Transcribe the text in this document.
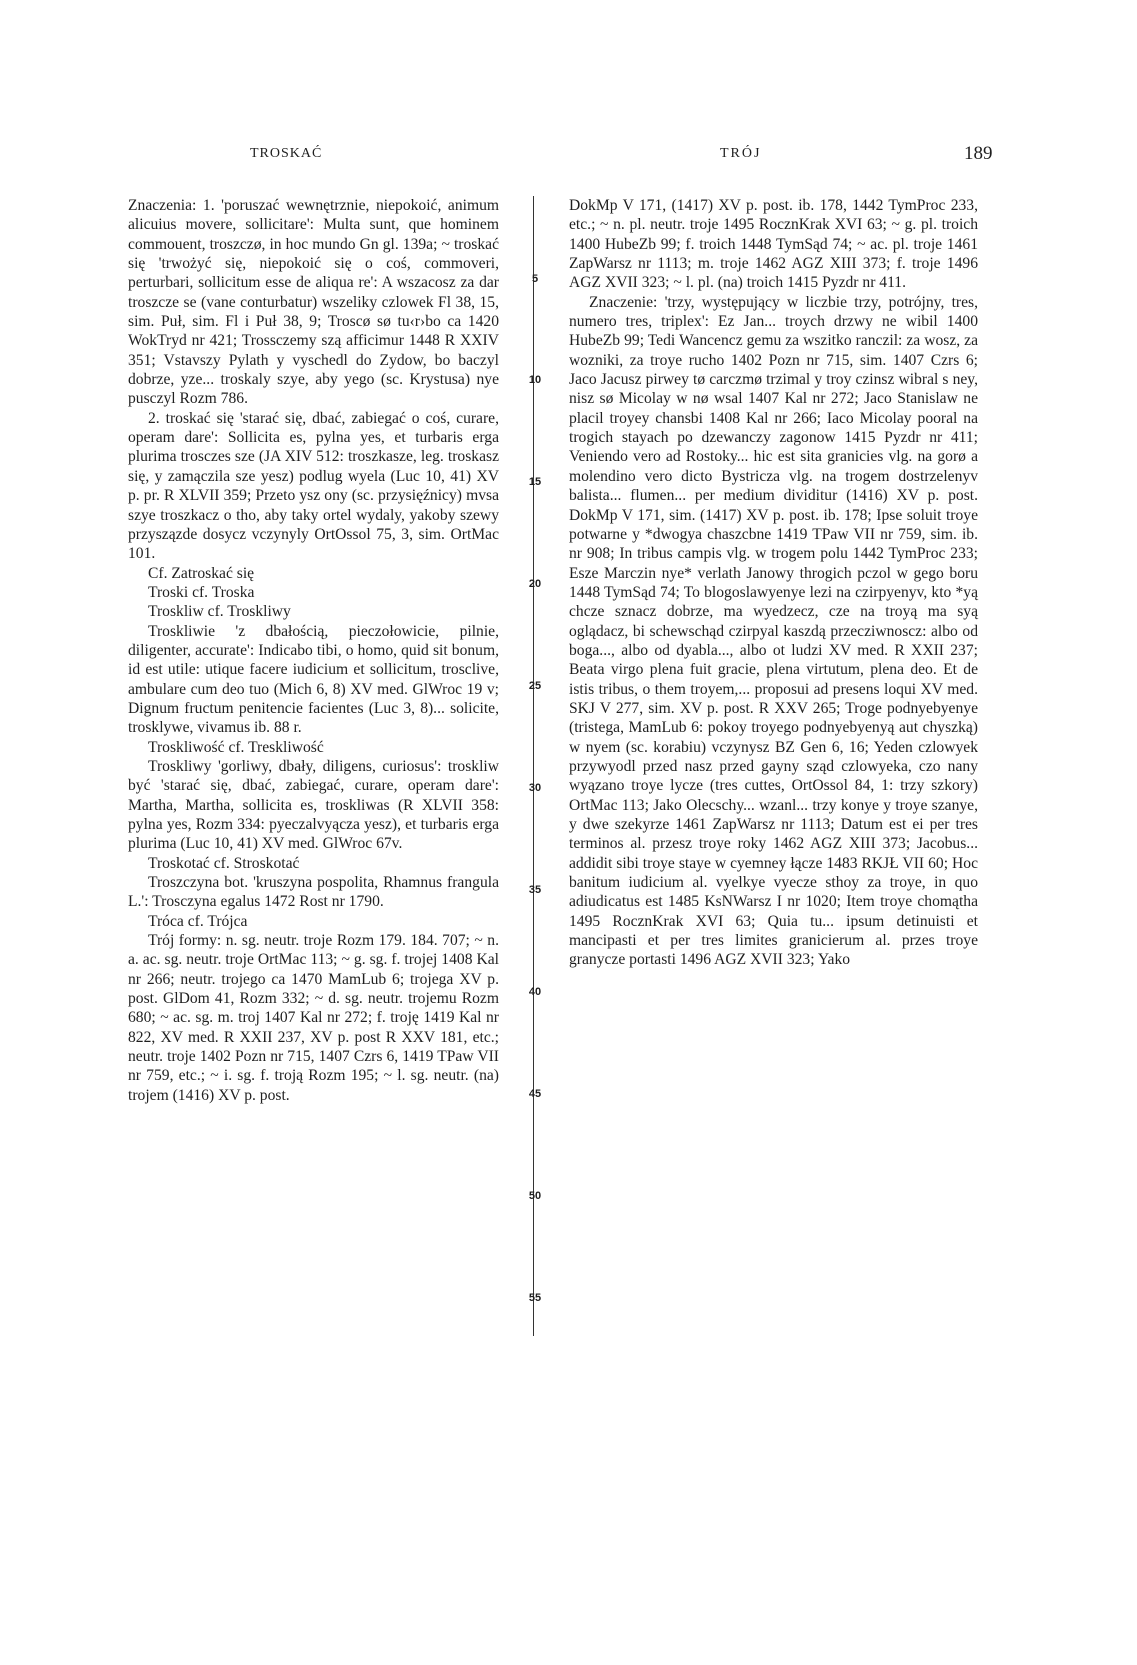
TROSKAĆ	TRÓJ	189

Znaczenia: 1. 'poruszać wewnętrznie, niepokoić, animum alicuius movere, sollicitare': Multa sunt, que hominem commouent, troszczø, in hoc mundo Gn gl. 139a; ~ troskać się 'trwożyć się, niepokoić się o coś, commoveri, perturbari, sollicitum esse de aliqua re': A wszacosz za dar troszcze se (vane conturbatur) wszeliky czlowek Fl 38, 15, sim. Puł, sim. Fl i Puł 38, 9; Troscø sø tu‹r›bo ca 1420 WokTryd nr 421; Trossczemy szą afficimur 1448 R XXIV 351; Vstavszy Pylath y vyschedl do Zydow, bo baczyl dobrze, yze... troskaly szye, aby yego (sc. Krystusa) nye pusczyl Rozm 786.

2. troskać się 'starać się, dbać, zabiegać o coś, curare, operam dare': Sollicita es, pylna yes, et turbaris erga plurima trosczes sze (JA XIV 512: troszkasze, leg. troskasz się, y zamączila sze yesz) podlug wyela (Luc 10, 41) XV p. pr. R XLVII 359; Przeto ysz ony (sc. przysięźnicy) mvsa szye troszkacz o tho, aby taky ortel wydaly, yakoby szewy przyszązde dosycz vczynyly OrtOssol 75, 3, sim. OrtMac 101.

Cf. Zatroskać się

Troski cf. Troska

Troskliw cf. Troskliwy

Troskliwie 'z dbałością, pieczołowicie, pilnie, diligenter, accurate': Indicabo tibi, o homo, quid sit bonum, id est utile: utique facere iudicium et sollicitum, trosclive, ambulare cum deo tuo (Mich 6, 8) XV med. GlWroc 19 v; Dignum fructum penitencie facientes (Luc 3, 8)... solicite, trosklywe, vivamus ib. 88 r.

Troskliwość cf. Treskliwość

Troskliwy 'gorliwy, dbały, diligens, curiosus': troskliw być 'starać się, dbać, zabiegać, curare, operam dare': Martha, Martha, sollicita es, troskliwas (R XLVII 358: pylna yes, Rozm 334: pyeczalvyącza yesz), et turbaris erga plurima (Luc 10, 41) XV med. GlWroc 67v.

Troskotać cf. Stroskotać

Troszczyna bot. 'kruszyna pospolita, Rhamnus frangula L.': Trosczyna egalus 1472 Rost nr 1790.

Tróca cf. Trójca

Trój formy: n. sg. neutr. troje Rozm 179. 184. 707; ~ n. a. ac. sg. neutr. troje OrtMac 113; ~ g. sg. f. trojej 1408 Kal nr 266; neutr. trojego ca 1470 MamLub 6; trojega XV p. post. GlDom 41, Rozm 332; ~ d. sg. neutr. trojemu Rozm 680; ~ ac. sg. m. troj 1407 Kal nr 272; f. troję 1419 Kal nr 822, XV med. R XXII 237, XV p. post R XXV 181, etc.; neutr. troje 1402 Pozn nr 715, 1407 Czrs 6, 1419 TPaw VII nr 759, etc.; ~ i. sg. f. troją Rozm 195; ~ l. sg. neutr. (na) trojem (1416) XV p. post.

5
10
15
20
25
30
35
40
45
50
55

DokMp V 171, (1417) XV p. post. ib. 178, 1442 TymProc 233, etc.; ~ n. pl. neutr. troje 1495 RocznKrak XVI 63; ~ g. pl. troich 1400 HubeZb 99; f. troich 1448 TymSąd 74; ~ ac. pl. troje 1461 ZapWarsz nr 1113; m. troje 1462 AGZ XIII 373; f. troje 1496 AGZ XVII 323; ~ l. pl. (na) troich 1415 Pyzdr nr 411.

Znaczenie: 'trzy, występujący w liczbie trzy, potrójny, tres, numero tres, triplex': Ez Jan... troych drzwy ne wibil 1400 HubeZb 99; Tedi Wancencz gemu za wszitko ranczil: za wosz, za wozniki, za troye rucho 1402 Pozn nr 715, sim. 1407 Czrs 6; Jaco Jacusz pirwey tø carczmø trzimal y troy czinsz wibral s ney, nisz sø Micolay w nø wsal 1407 Kal nr 272; Jaco Stanislaw ne placil troyey chansbi 1408 Kal nr 266; Iaco Micolay pooral na trogich stayach po dzewanczy zagonow 1415 Pyzdr nr 411; Veniendo vero ad Rostoky... hic est sita granicies vlg. na gorø a molendino vero dicto Bystricza vlg. na trogem dostrzelenyv balista... flumen... per medium dividitur (1416) XV p. post. DokMp V 171, sim. (1417) XV p. post. ib. 178; Ipse soluit troye potwarne y *dwogya chaszcbne 1419 TPaw VII nr 759, sim. ib. nr 908; In tribus campis vlg. w trogem polu 1442 TymProc 233; Esze Marczin nye* verlath Janowy throgich pczol w gego boru 1448 TymSąd 74; To blogoslawyenye lezi na czirpyenyv, kto *yą chcze sznacz dobrze, ma wyedzecz, cze na troyą ma syą oglądacz, bi schewschąd czirpyal kaszdą przecziwnoscz: albo od boga..., albo od dyabla..., albo ot ludzi XV med. R XXII 237; Beata virgo plena fuit gracie, plena virtutum, plena deo. Et de istis tribus, o them troyem,... proposui ad presens loqui XV med. SKJ V 277, sim. XV p. post. R XXV 265; Troge podnyebyenye (tristega, MamLub 6: pokoy troyego podnyebyenyą aut chyszką) w nyem (sc. korabiu) vczynysz BZ Gen 6, 16; Yeden czlowyek przywyodl przed nasz przed gayny sząd czlowyeka, czo nany wyązano troye lycze (tres cuttes, OrtOssol 84, 1: trzy szkory) OrtMac 113; Jako Olecschy... wzanl... trzy konye y troye szanye, y dwe szekyrze 1461 ZapWarsz nr 1113; Datum est ei per tres terminos al. przesz troye roky 1462 AGZ XIII 373; Jacobus... addidit sibi troye staye w cyemney łącze 1483 RKJŁ VII 60; Hoc banitum iudicium al. vyelkye vyecze sthoy za troye, in quo adiudicatus est 1485 KsNWarsz I nr 1020; Item troye chomątha 1495 RocznKrak XVI 63; Quia tu... ipsum detinuisti et mancipasti et per tres limites granicierum al. przes troye granycze portasti 1496 AGZ XVII 323; Yako
